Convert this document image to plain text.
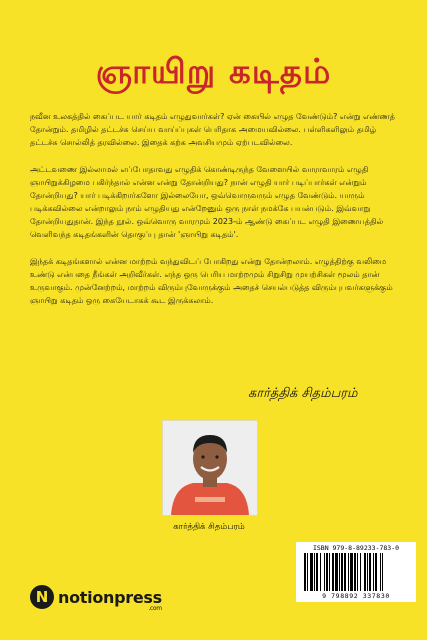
ஞாயிறு கடிதம்

நவீன உலகத்தில் கைப்பட யார் கடிதம் எழுதுவார்கள்? ஏன் கையில் எழுத வேண்டும்? என்று எண்ணத் தோன்றும். தமிழில் தட்டச்சு செய்ய வாய்ப்புகள் பெரிதாக அமையவில்லை. பள்ளிகளிலும் தமிழ் தட்டச்சு சொல்லித் தரவில்லை. இதைக் கற்க அவசியமும் ஏற்படவில்லை.

அட்டவணை இல்லாமல் எப்போதாவது எழுதிக் கொண்டிருந்த வேளையில் வாராவாரம் எழுதி ஞாயிறுக்கிழமை பகிர்ந்தால் என்ன என்று தோன்றியது? நான் எழுதி யார் படிப்பார்கள் என்றும் தோன்றியது? யார் படிக்கிறார்களோ இல்லையோ, ஒவ்வொருவரும் எழுத வேண்டும். யாரும் படிக்கவில்லை என்றாலும் நாம் எழுதியது என்றேனும் ஒரு நாள் நமக்கே பயன்படும். இவ்வாறு தோன்றியதுதான். இந்த நூல். ஒவ்வொரு வாரமும் 2023-ம் ஆண்டு கைப்பட எழுதி இணையத்தில் வெளிவந்த கடிதங்களின் தொகுப்பு தான் 'ஞாயிறு கடிதம்'.

இந்தக் கடிதங்களால் என்ன மாற்றம் வந்துவிடப் போகிறது என்று தோன்றலாம். எழுத்திற்கு வலிமை உண்டு என்பதை நீங்கள் அறிவீர்கள். எந்த ஒரு பெரிய மாற்றமும் சிறுசிறு முயற்சிகள் மூலம் தான் உருவாகும். முன்னேற்றம், மாற்றம் விரும்புவோருக்கும் அதைச் செயல்படுத்த விரும்புபவர்களுக்கும் ஞாயிறு கடிதம் ஒரு கையேடாகக் கூட இருக்கலாம்.

கார்த்திக் சிதம்பரம்
கார்த்திக் சிதம்பரம்
ISBN 979-8-89233-783-0
9 798892 337830
N notionpress
.com
